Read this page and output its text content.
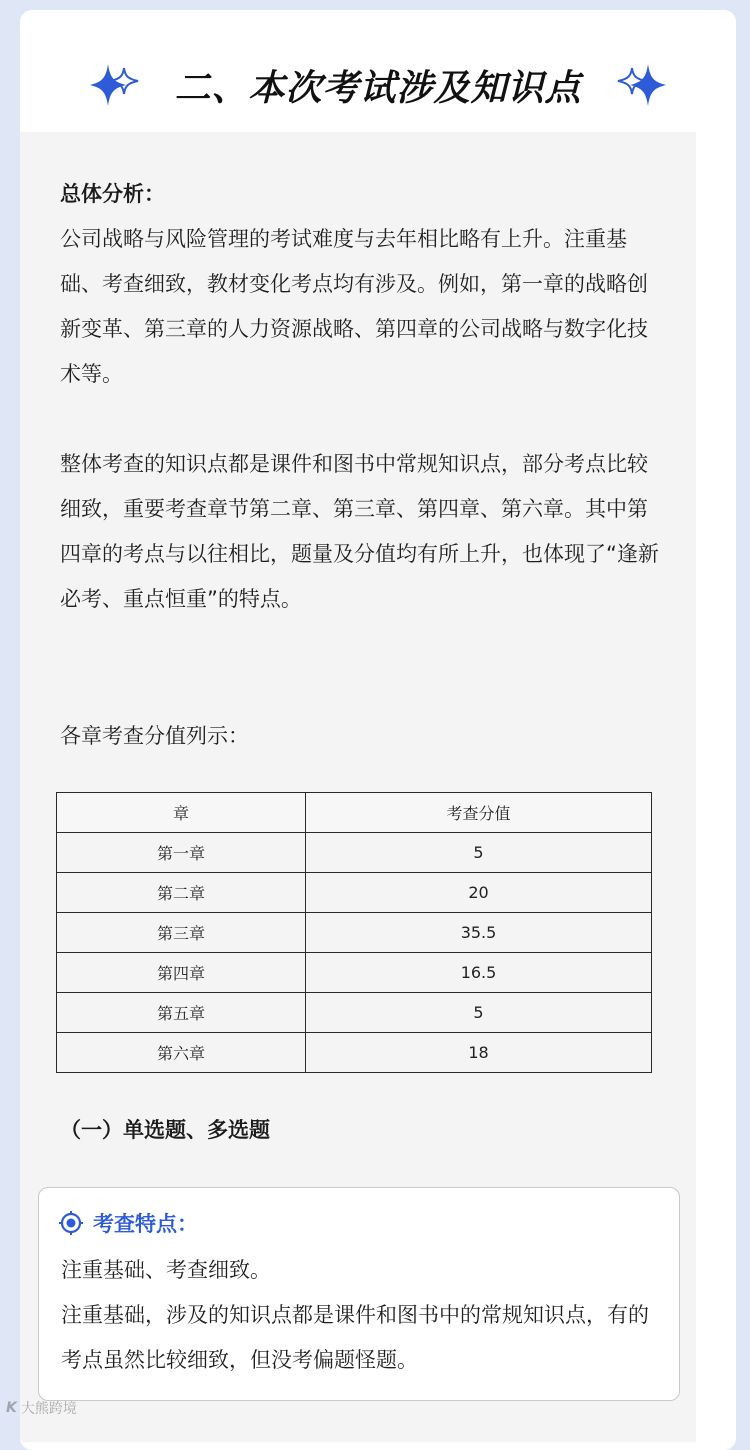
二、本次考试涉及知识点
总体分析：
公司战略与风险管理的考试难度与去年相比略有上升。注重基础、考查细致，教材变化考点均有涉及。例如，第一章的战略创新变革、第三章的人力资源战略、第四章的公司战略与数字化技术等。
整体考查的知识点都是课件和图书中常规知识点，部分考点比较细致，重要考查章节第二章、第三章、第四章、第六章。其中第四章的考点与以往相比，题量及分值均有所上升，也体现了“逢新必考、重点恒重”的特点。
各章考查分值列示：
章	考查分值
第一章	5
第二章	20
第三章	35.5
第四章	16.5
第五章	5
第六章	18
（一）单选题、多选题
考查特点：
注重基础、考查细致。
注重基础，涉及的知识点都是课件和图书中的常规知识点，有的考点虽然比较细致，但没考偏题怪题。
K 大熊跨境
